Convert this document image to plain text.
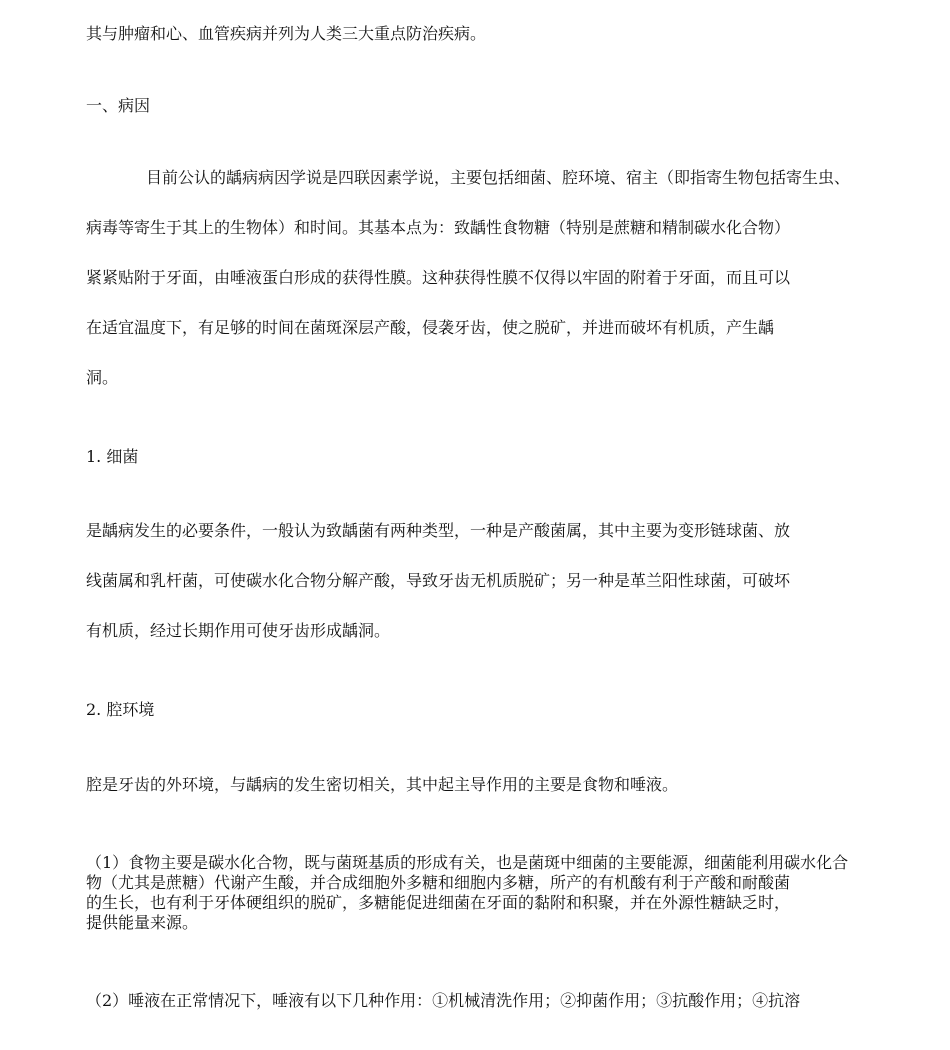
其与肿瘤和心、血管疾病并列为人类三大重点防治疾病。
一、病因
目前公认的龋病病因学说是四联因素学说，主要包括细菌、腔环境、宿主（即指寄生物包括寄生虫、
病毒等寄生于其上的生物体）和时间。其基本点为：致龋性食物糖（特别是蔗糖和精制碳水化合物）
紧紧贴附于牙面，由唾液蛋白形成的获得性膜。这种获得性膜不仅得以牢固的附着于牙面，而且可以
在适宜温度下，有足够的时间在菌斑深层产酸，侵袭牙齿，使之脱矿，并进而破坏有机质，产生龋
洞。
1. 细菌
是龋病发生的必要条件，一般认为致龋菌有两种类型，一种是产酸菌属，其中主要为变形链球菌、放
线菌属和乳杆菌，可使碳水化合物分解产酸，导致牙齿无机质脱矿；另一种是革兰阳性球菌，可破坏
有机质，经过长期作用可使牙齿形成龋洞。
2. 腔环境
腔是牙齿的外环境，与龋病的发生密切相关，其中起主导作用的主要是食物和唾液。
（1）食物主要是碳水化合物，既与菌斑基质的形成有关，也是菌斑中细菌的主要能源，细菌能利用碳水化合
物（尤其是蔗糖）代谢产生酸，并合成细胞外多糖和细胞内多糖，所产的有机酸有利于产酸和耐酸菌
的生长，也有利于牙体硬组织的脱矿，多糖能促进细菌在牙面的黏附和积聚，并在外源性糖缺乏时，
提供能量来源。
（2）唾液在正常情况下，唾液有以下几种作用：①机械清洗作用；②抑菌作用；③抗酸作用；④抗溶
